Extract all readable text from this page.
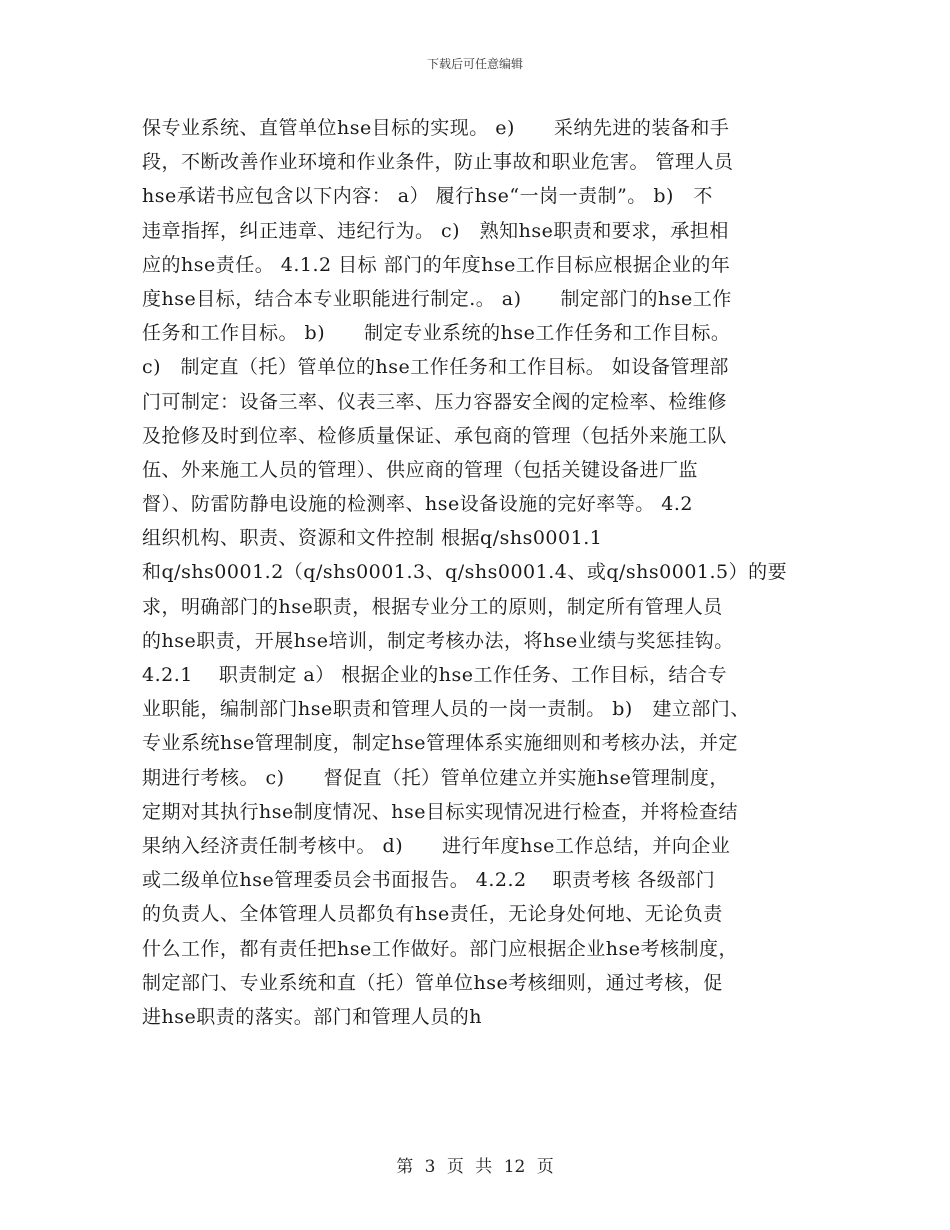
下载后可任意编辑
保专业系统、直管单位hse目标的实现。 e)　　采纳先进的装备和手
段，不断改善作业环境和作业条件，防止事故和职业危害。 管理人员
hse承诺书应包含以下内容： a） 履行hse“一岗一责制”。 b)　不
违章指挥，纠正违章、违纪行为。 c)　熟知hse职责和要求，承担相
应的hse责任。 4.1.2 目标 部门的年度hse工作目标应根据企业的年
度hse目标，结合本专业职能进行制定.。 a)　　制定部门的hse工作
任务和工作目标。 b)　　制定专业系统的hse工作任务和工作目标。
c)　制定直（托）管单位的hse工作任务和工作目标。 如设备管理部
门可制定：设备三率、仪表三率、压力容器安全阀的定检率、检维修
及抢修及时到位率、检修质量保证、承包商的管理（包括外来施工队
伍、外来施工人员的管理）、供应商的管理（包括关键设备进厂监
督）、防雷防静电设施的检测率、hse设备设施的完好率等。 4.2
组织机构、职责、资源和文件控制 根据q/shs0001.1
和q/shs0001.2（q/shs0001.3、q/shs0001.4、或q/shs0001.5）的要
求，明确部门的hse职责，根据专业分工的原则，制定所有管理人员
的hse职责，开展hse培训，制定考核办法，将hse业绩与奖惩挂钩。
4.2.1　 职责制定 a） 根据企业的hse工作任务、工作目标，结合专
业职能，编制部门hse职责和管理人员的一岗一责制。 b)　建立部门、
专业系统hse管理制度，制定hse管理体系实施细则和考核办法，并定
期进行考核。 c)　　督促直（托）管单位建立并实施hse管理制度，
定期对其执行hse制度情况、hse目标实现情况进行检查，并将检查结
果纳入经济责任制考核中。 d)　　进行年度hse工作总结，并向企业
或二级单位hse管理委员会书面报告。 4.2.2　 职责考核 各级部门
的负责人、全体管理人员都负有hse责任，无论身处何地、无论负责
什么工作，都有责任把hse工作做好。部门应根据企业hse考核制度，
制定部门、专业系统和直（托）管单位hse考核细则，通过考核，促
进hse职责的落实。部门和管理人员的h
第 3 页 共 12 页
